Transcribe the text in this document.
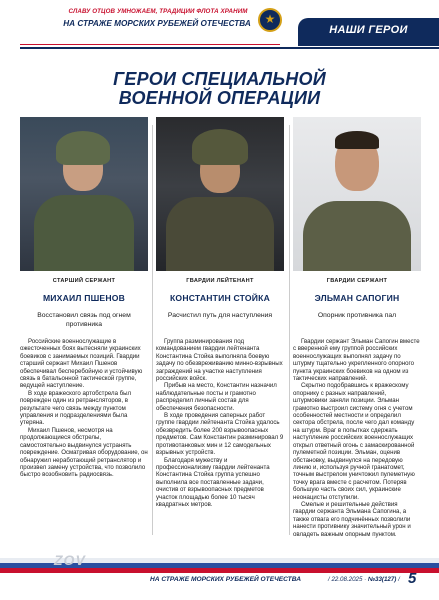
СЛАВУ ОТЦОВ УМНОЖАЕМ, ТРАДИЦИИ ФЛОТА ХРАНИМ
НА СТРАЖЕ МОРСКИХ РУБЕЖЕЙ ОТЕЧЕСТВА
★
НАШИ ГЕРОИ
ГЕРОИ СПЕЦИАЛЬНОЙ
ВОЕННОЙ ОПЕРАЦИИ
СТАРШИЙ СЕРЖАНТ
МИХАИЛ ПШЕНОВ
Восстановил связь под огнем противника

Российские военнослужащие в ожесточенных боях вытесняли украинских боевиков с занимаемых позиций. Гвардии старший сержант Михаил Пшенов обеспечивал бесперебойную и устойчивую связь в батальонной тактической группе, ведущей наступление.

В ходе вражеского артобстрела был поврежден один из ретрансляторов, в результате чего связь между пунктом управления и подразделениями была утеряна.

Михаил Пшенов, несмотря на продолжающиеся обстрелы, самостоятельно выдвинулся устранять повреждение. Осматривая оборудование, он обнаружил неработающий ретранслятор и произвел замену устройства, что позволило быстро возобновить радиосвязь.

ГВАРДИИ ЛЕЙТЕНАНТ
КОНСТАНТИН СТОЙКА
Расчистил путь для наступления

Группа разминирования под командованием гвардии лейтенанта Константина Стойка выполняла боевую задачу по обезвреживанию минно-взрывных заграждений на участке наступления российских войск.

Прибыв на место, Константин назначил наблюдательные посты и грамотно распределил личный состав для обеспечения безопасности.

В ходе проведения саперных работ группе гвардии лейтенанта Стойка удалось обезвредить более 200 взрывоопасных предметов. Сам Константин разминировал 9 противотанковых мин и 12 самодельных взрывных устройств.

Благодаря мужеству и профессионализму гвардии лейтенанта Константина Стойка группа успешно выполнила все поставленные задачи, очистив от взрывоопасных предметов участок площадью более 10 тысяч квадратных метров.

ГВАРДИИ СЕРЖАНТ
ЭЛЬМАН САПОГИН
Опорник противника пал

Гвардии сержант Эльман Сапогин вместе с вверенной ему группой российских военнослужащих выполнял задачу по штурму тщательно укрепленного опорного пункта украинских боевиков на одном из тактических направлений.

Скрытно подобравшись к вражескому опорнику с разных направлений, штурмовики заняли позиции. Эльман грамотно выстроил систему огня с учетом особенностей местности и определил сектора обстрела, после чего дал команду на штурм. Враг в попытках сдержать наступление российских военнослужащих открыл ответный огонь с замаскированной пулеметной позиции. Эльман, оценив обстановку, выдвинулся на передовую линию и, используя ручной гранатомет, точным выстрелом уничтожил пулеметную точку врага вместе с расчетом. Потеряв большую часть своих сил, украинские неонацисты отступили.

Смелые и решительные действия гвардии сержанта Эльмана Сапогина, а также отвага его подчинённых позволили нанести противнику значительный урон и овладеть важным опорным пунктом.

ZOV
НА СТРАЖЕ МОРСКИХ РУБЕЖЕЙ ОТЕЧЕСТВА	/ 22.08.2025 · №33(127) / 5
